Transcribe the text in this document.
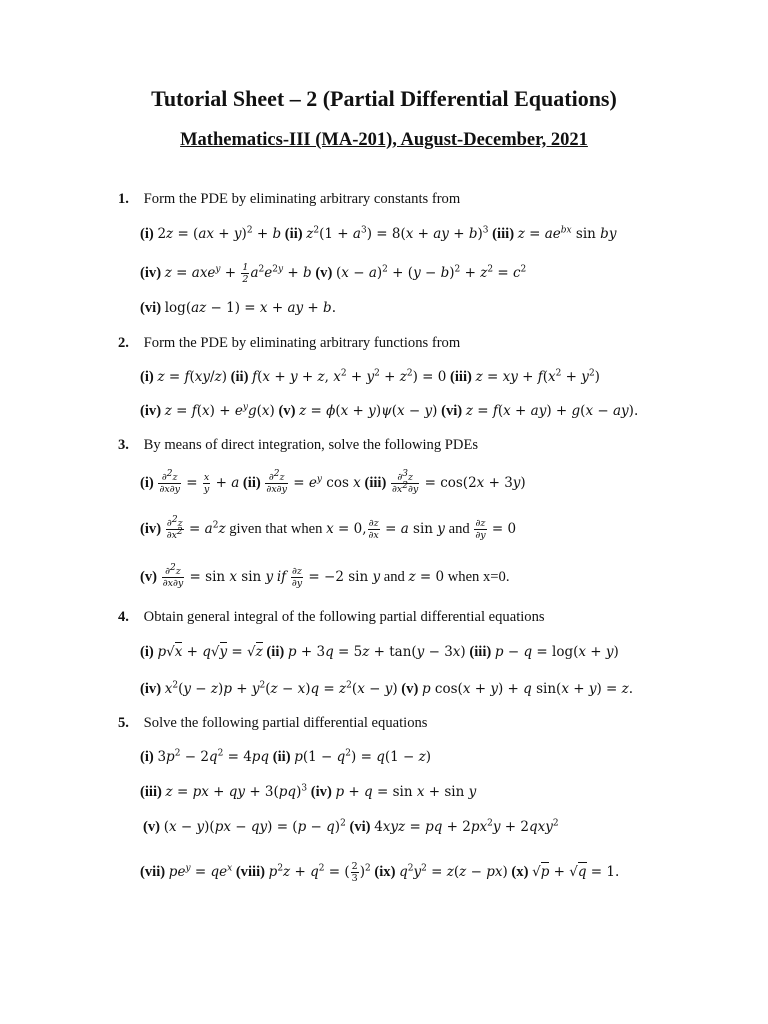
Tutorial Sheet – 2 (Partial Differential Equations)
Mathematics-III (MA-201), August-December, 2021
1. Form the PDE by eliminating arbitrary constants from
(i) 2z = (ax + y)$^2$ + b (ii) $z^2(1 + a^3) = 8(x$ + ay + b)$^3$ (iii) $z = ae^{bx}$ sin by
(iv) $z = axe^y + \frac{1}{2} a^2e^{2y} + b$ (v) $(x - a)^2 + (y - b)^2 + z^2 = c^2$
(vi) log(az − 1) = x + ay + b.
2. Form the PDE by eliminating arbitrary functions from
(i) z = f(xy/z) (ii) f(x + y + z, $x^2 + y^2 + z^2) = 0$ (iii) z = xy + $f(x^2 + y^2)$
(iv) $z = f(x) + e^yg(x)$ (v) z = ϕ(x + y)ψ(x − y) (vi) z = f(x + ay) + g(x − ay).
3. By means of direct integration, solve the following PDEs
$(i) \frac{\partial^2z}{\partial x\partial y} = \frac{x}{y} + a$ $(ii) \frac{\partial^2z}{\partial x\partial y} = e^y$ cos x $(iii) \frac{\partial^3z}{\partial x^2\partial y} = \cos(2x + 3y)$
$(iv) \frac{\partial^2z}{\partial x^2} = a^2z$ given that when x = 0, $\frac{\partial z}{\partial x} = a$ sin y and $\frac{\partial z}{\partial y} = 0$
$(v) \frac{\partial^2z}{\partial x\partial y} = \sin x$ sin y if $\frac{\partial z}{\partial y} = -2$ sin y and z = 0 when x=0.
4. Obtain general integral of the following partial differential equations
(i) p√x + q√y = √z (ii) p + 3q = 5z + tan(y − 3x) (iii) p − q = log(x + y)
(iv) $x^2(y - z)p + y^2(z - x)q = z^2(x - y)$ (v) p cos(x + y) + q sin(x + y) = z.
5. Solve the following partial differential equations
(i) $3p^2 - 2q^2 = 4pq$ (ii) $p(1 - q^2) = q(1 - z)$
(iii) z = px + qy + 3(pq)$^3$ (iv) p + q = sin x + sin y
(v) $(x - y)(px - qy) = (p - q)^2$ (vi) 4xyz = pq + $2px^2y + 2qxy^2$
(vii) $pe^y = qe^x$ (viii) $p^2z + q^2$ = ( $\frac{2}{3} )^2$ (ix) $q^2y^2 = z(z - px)$ (x) √p + √q = 1.
